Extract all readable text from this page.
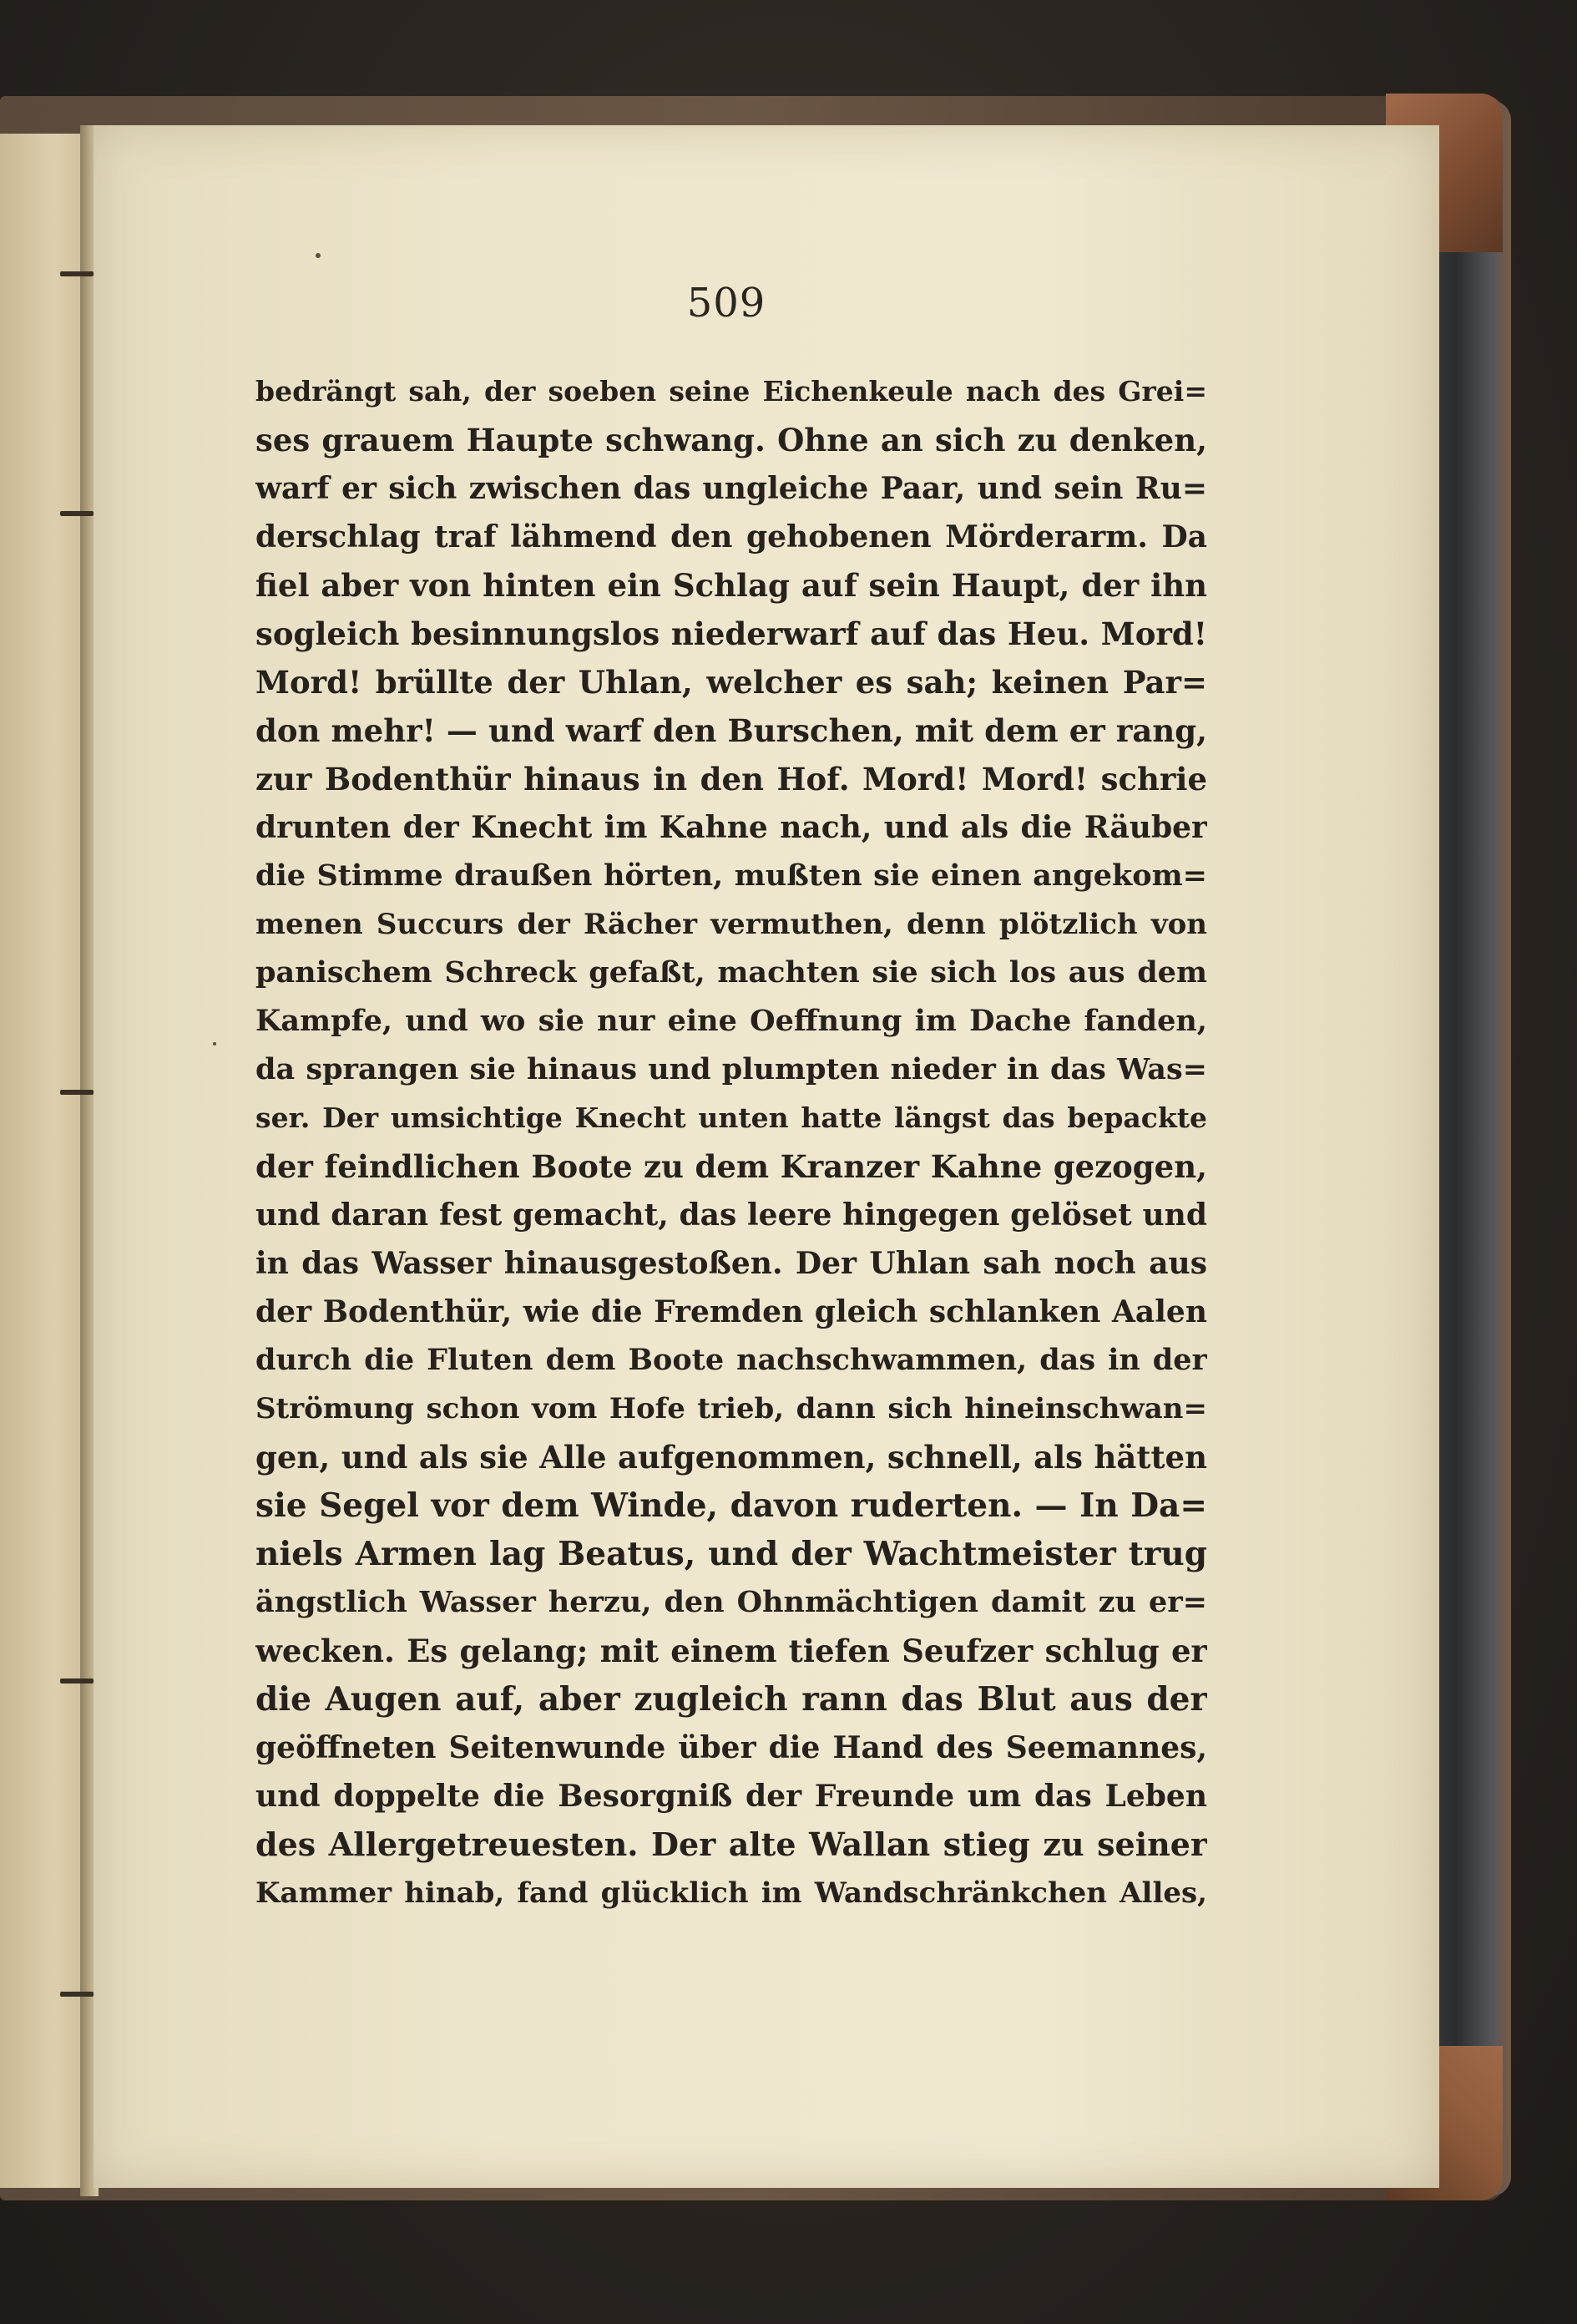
509
bedrängt sah, der soeben seine Eichenkeule nach des Grei=
ses grauem Haupte schwang. Ohne an sich zu denken,
warf er sich zwischen das ungleiche Paar, und sein Ru=
derschlag traf lähmend den gehobenen Mörderarm. Da
fiel aber von hinten ein Schlag auf sein Haupt, der ihn
sogleich besinnungslos niederwarf auf das Heu. Mord!
Mord! brüllte der Uhlan, welcher es sah; keinen Par=
don mehr! — und warf den Burschen, mit dem er rang,
zur Bodenthür hinaus in den Hof. Mord! Mord! schrie
drunten der Knecht im Kahne nach, und als die Räuber
die Stimme draußen hörten, mußten sie einen angekom=
menen Succurs der Rächer vermuthen, denn plötzlich von
panischem Schreck gefaßt, machten sie sich los aus dem
Kampfe, und wo sie nur eine Oeffnung im Dache fanden,
da sprangen sie hinaus und plumpten nieder in das Was=
ser. Der umsichtige Knecht unten hatte längst das bepackte
der feindlichen Boote zu dem Kranzer Kahne gezogen,
und daran fest gemacht, das leere hingegen gelöset und
in das Wasser hinausgestoßen. Der Uhlan sah noch aus
der Bodenthür, wie die Fremden gleich schlanken Aalen
durch die Fluten dem Boote nachschwammen, das in der
Strömung schon vom Hofe trieb, dann sich hineinschwan=
gen, und als sie Alle aufgenommen, schnell, als hätten
sie Segel vor dem Winde, davon ruderten. — In Da=
niels Armen lag Beatus, und der Wachtmeister trug
ängstlich Wasser herzu, den Ohnmächtigen damit zu er=
wecken. Es gelang; mit einem tiefen Seufzer schlug er
die Augen auf, aber zugleich rann das Blut aus der
geöffneten Seitenwunde über die Hand des Seemannes,
und doppelte die Besorgniß der Freunde um das Leben
des Allergetreuesten. Der alte Wallan stieg zu seiner
Kammer hinab, fand glücklich im Wandschränkchen Alles,
